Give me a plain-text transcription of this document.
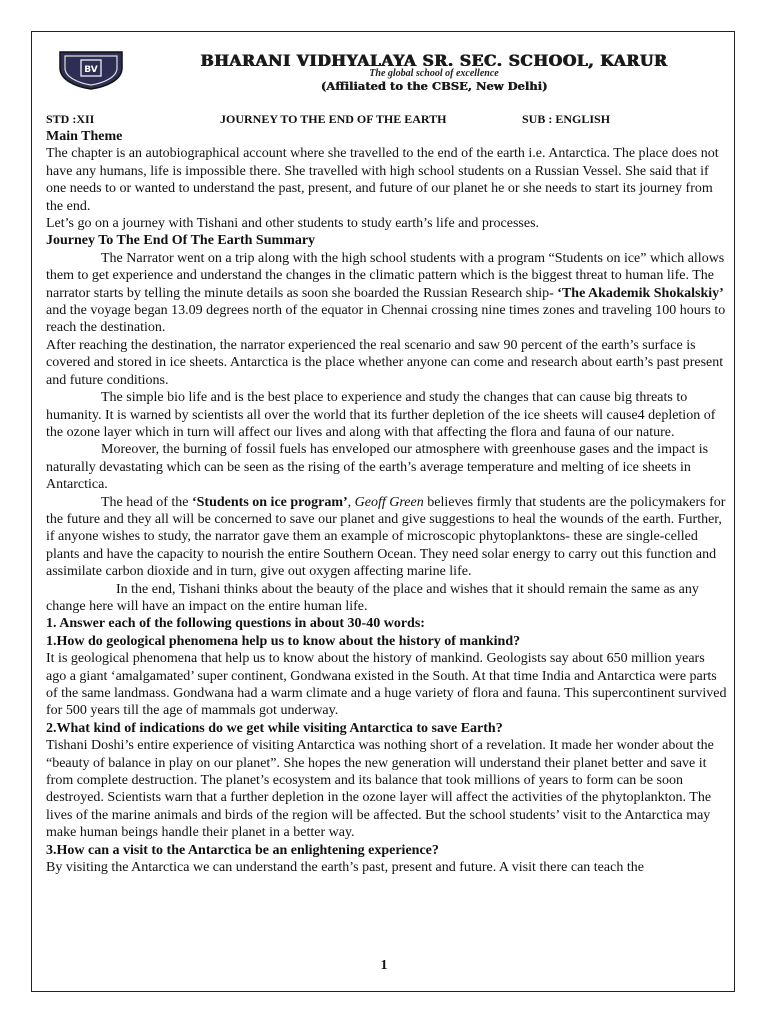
BV	BHARANI VIDHYALAYA SR. SEC. SCHOOL, KARUR
The global school of excellence
(Affiliated to the CBSE, New Delhi)
STD :XII	JOURNEY TO THE END OF THE EARTH	SUB : ENGLISH

Main Theme

The chapter is an autobiographical account where she travelled to the end of the earth i.e. Antarctica. The place does not have any humans, life is impossible there. She travelled with high school students on a Russian Vessel. She said that if one needs to or wanted to understand the past, present, and future of our planet he or she needs to start its journey from the end.

Let’s go on a journey with Tishani and other students to study earth’s life and processes.

Journey To The End Of The Earth Summary

The Narrator went on a trip along with the high school students with a program “Students on ice” which allows them to get experience and understand the changes in the climatic pattern which is the biggest threat to human life. The narrator starts by telling the minute details as soon she boarded the Russian Research ship- ‘The Akademik Shokalskiy’ and the voyage began 13.09 degrees north of the equator in Chennai crossing nine times zones and traveling 100 hours to reach the destination.

After reaching the destination, the narrator experienced the real scenario and saw 90 percent of the earth’s surface is covered and stored in ice sheets. Antarctica is the place whether anyone can come and research about earth’s past present and future conditions.

The simple bio life and is the best place to experience and study the changes that can cause big threats to humanity. It is warned by scientists all over the world that its further depletion of the ice sheets will cause4 depletion of the ozone layer which in turn will affect our lives and along with that affecting the flora and fauna of our nature.

Moreover, the burning of fossil fuels has enveloped our atmosphere with greenhouse gases and the impact is naturally devastating which can be seen as the rising of the earth’s average temperature and melting of ice sheets in Antarctica.

The head of the ‘Students on ice program’, Geoff Green believes firmly that students are the policymakers for the future and they all will be concerned to save our planet and give suggestions to heal the wounds of the earth. Further, if anyone wishes to study, the narrator gave them an example of microscopic phytoplanktons- these are single-celled plants and have the capacity to nourish the entire Southern Ocean. They need solar energy to carry out this function and assimilate carbon dioxide and in turn, give out oxygen affecting marine life.

In the end, Tishani thinks about the beauty of the place and wishes that it should remain the same as any change here will have an impact on the entire human life.

1. Answer each of the following questions in about 30-40 words:

1.How do geological phenomena help us to know about the history of mankind?

It is geological phenomena that help us to know about the history of mankind. Geologists say about 650 million years ago a giant ‘amalgamated’ super continent, Gondwana existed in the South. At that time India and Antarctica were parts of the same landmass. Gondwana had a warm climate and a huge variety of flora and fauna. This supercontinent survived for 500 years till the age of mammals got underway.

2.What kind of indications do we get while visiting Antarctica to save Earth?

Tishani Doshi’s entire experience of visiting Antarctica was nothing short of a revelation. It made her wonder about the “beauty of balance in play on our planet”. She hopes the new generation will understand their planet better and save it from complete destruction. The planet’s ecosystem and its balance that took millions of years to form can be soon destroyed. Scientists warn that a further depletion in the ozone layer will affect the activities of the phytoplankton. The lives of the marine animals and birds of the region will be affected. But the school students’ visit to the Antarctica may make human beings handle their planet in a better way.

3.How can a visit to the Antarctica be an enlightening experience?

By visiting the Antarctica we can understand the earth’s past, present and future. A visit there can teach the

1
